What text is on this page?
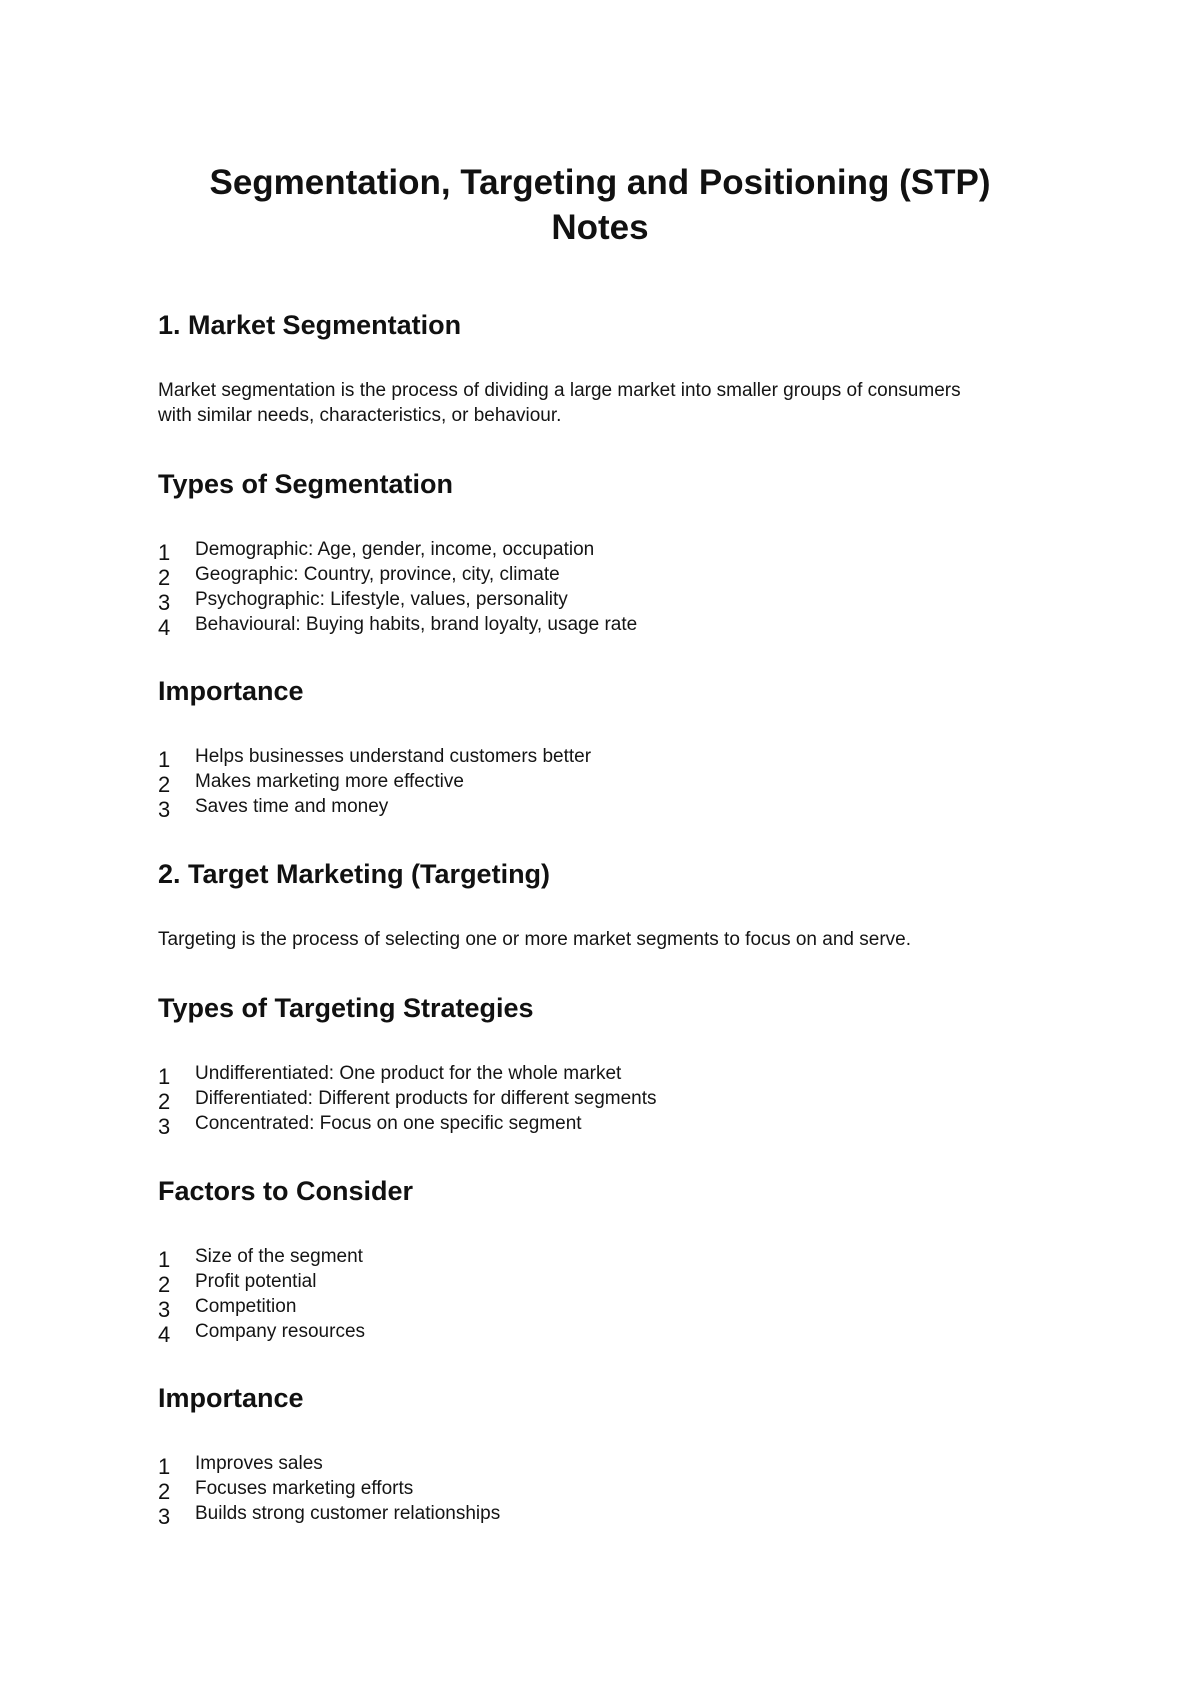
Segmentation, Targeting and Positioning (STP)
Notes
1. Market Segmentation

Market segmentation is the process of dividing a large market into smaller groups of consumers

with similar needs, characteristics, or behaviour.

Types of Segmentation
1	Demographic: Age, gender, income, occupation
2	Geographic: Country, province, city, climate
3	Psychographic: Lifestyle, values, personality
4	Behavioural: Buying habits, brand loyalty, usage rate
Importance
1	Helps businesses understand customers better
2	Makes marketing more effective
3	Saves time and money
2. Target Marketing (Targeting)

Targeting is the process of selecting one or more market segments to focus on and serve.

Types of Targeting Strategies
1	Undifferentiated: One product for the whole market
2	Differentiated: Different products for different segments
3	Concentrated: Focus on one specific segment
Factors to Consider
1	Size of the segment
2	Profit potential
3	Competition
4	Company resources
Importance
1	Improves sales
2	Focuses marketing efforts
3	Builds strong customer relationships
